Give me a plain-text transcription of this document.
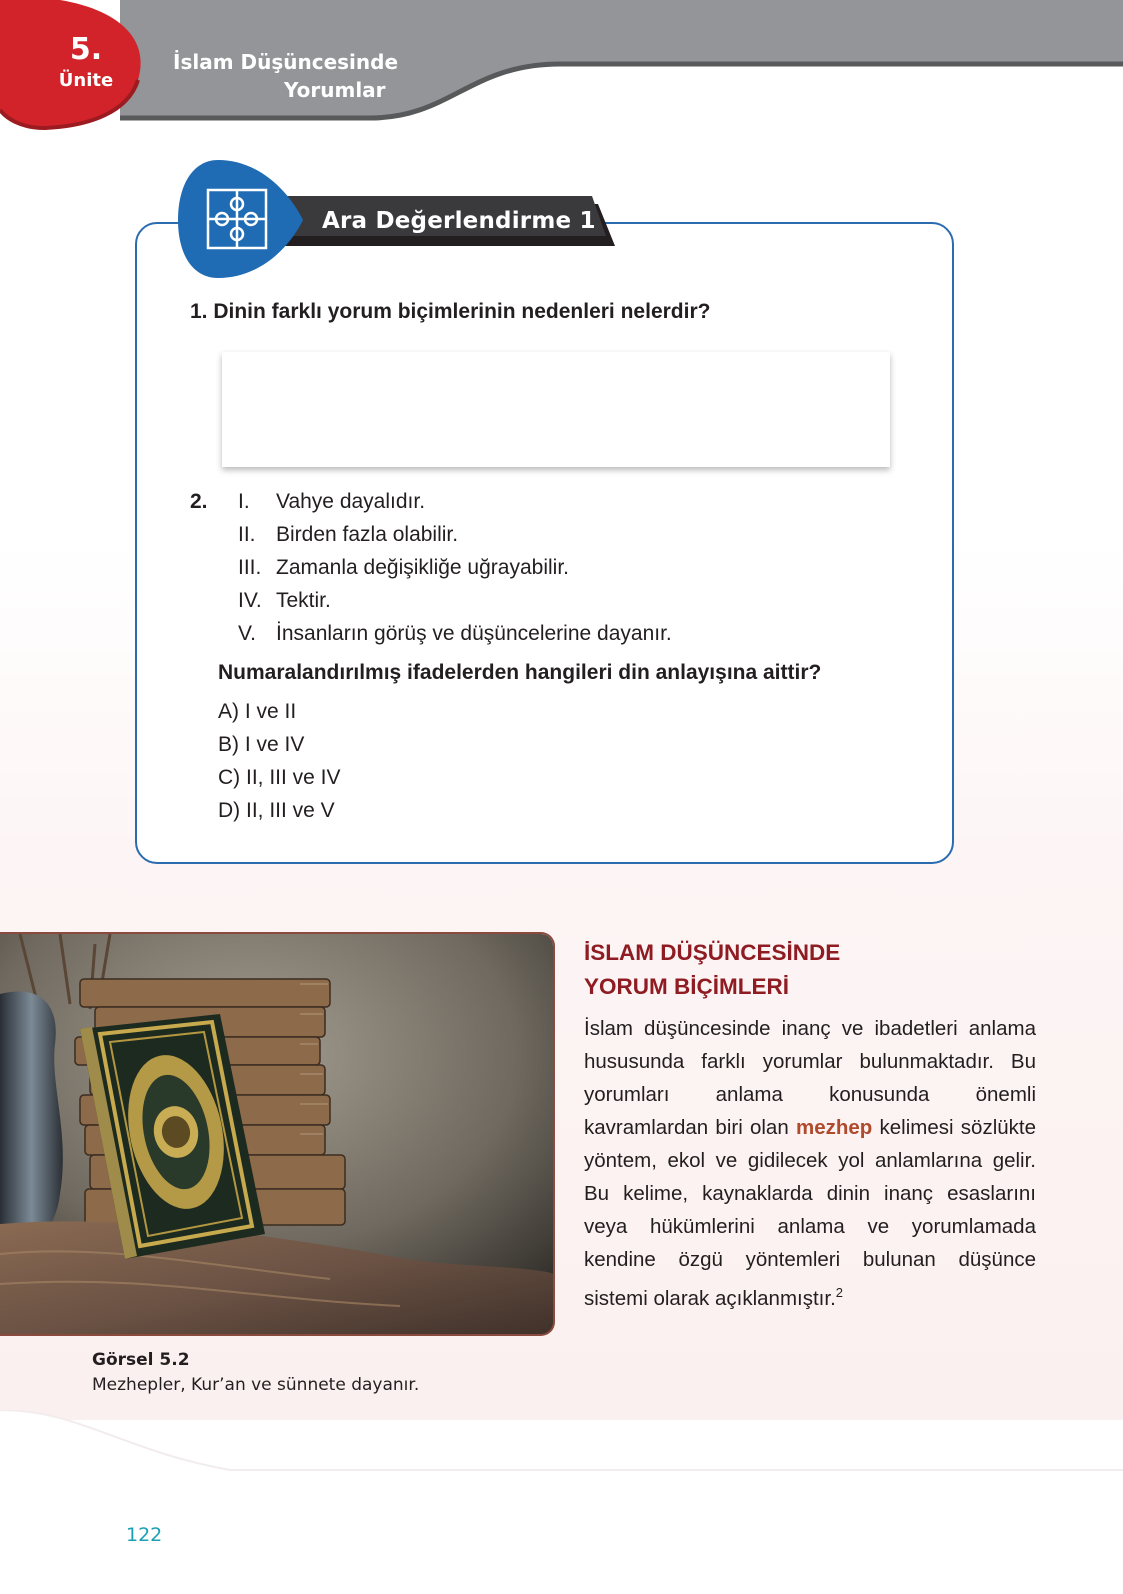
5.
Ünite
İslam Düşüncesinde
Yorumlar
Ara Değerlendirme 1
1. Dinin farklı yorum biçimlerinin nedenleri nelerdir?
2. I. Vahye dayalıdır.
II. Birden fazla olabilir.
III. Zamanla değişikliğe uğrayabilir.
IV. Tektir.
V. İnsanların görüş ve düşüncelerine dayanır.
Numaralandırılmış ifadelerden hangileri din anlayışına aittir?
A) I ve II
B) I ve IV
C) II, III ve IV
D) II, III ve V
Görsel 5.2
Mezhepler, Kur’an ve sünnete dayanır.
İSLAM DÜŞÜNCESİNDE
YORUM BİÇİMLERİ
İslam düşüncesinde inanç ve ibadetleri anlama hususunda farklı yorumlar bulunmaktadır. Bu yorumları anlama konusunda önemli kavramlardan biri olan mezhep kelimesi sözlükte yöntem, ekol ve gidilecek yol anlamlarına gelir. Bu kelime, kaynaklarda dinin inanç esaslarını veya hükümlerini anlama ve yorumlamada kendine özgü yöntemleri bulunan düşünce sistemi olarak açıklanmıştır.$^2$
122
